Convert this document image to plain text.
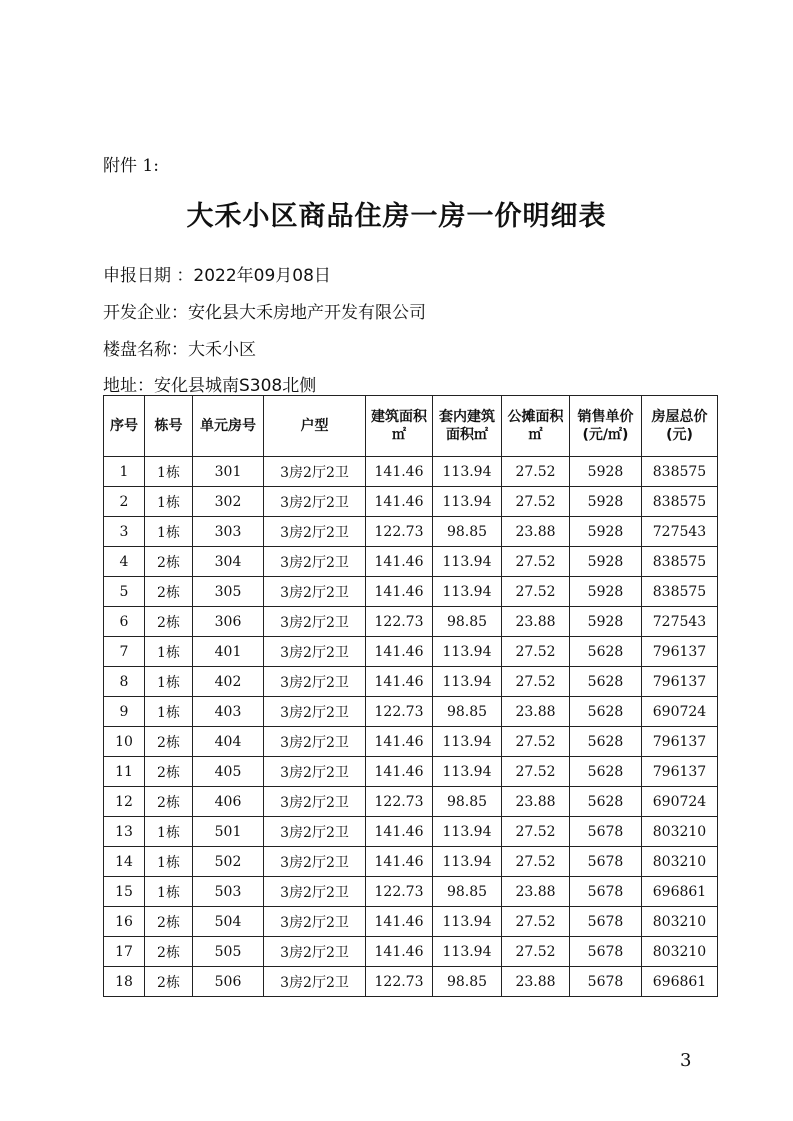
附件 1:
大禾小区商品住房一房一价明细表
申报日期 ：2022年09月08日
开发企业：安化县大禾房地产开发有限公司
楼盘名称：大禾小区
地址：安化县城南S308北侧
序号	栋号	单元房号	户型	建筑面积㎡	套内建筑面积㎡	公摊面积㎡	销售单价(元/㎡)	房屋总价(元)
1	1栋	301	3房2厅2卫	141.46	113.94	27.52	5928	838575
2	1栋	302	3房2厅2卫	141.46	113.94	27.52	5928	838575
3	1栋	303	3房2厅2卫	122.73	98.85	23.88	5928	727543
4	2栋	304	3房2厅2卫	141.46	113.94	27.52	5928	838575
5	2栋	305	3房2厅2卫	141.46	113.94	27.52	5928	838575
6	2栋	306	3房2厅2卫	122.73	98.85	23.88	5928	727543
7	1栋	401	3房2厅2卫	141.46	113.94	27.52	5628	796137
8	1栋	402	3房2厅2卫	141.46	113.94	27.52	5628	796137
9	1栋	403	3房2厅2卫	122.73	98.85	23.88	5628	690724
10	2栋	404	3房2厅2卫	141.46	113.94	27.52	5628	796137
11	2栋	405	3房2厅2卫	141.46	113.94	27.52	5628	796137
12	2栋	406	3房2厅2卫	122.73	98.85	23.88	5628	690724
13	1栋	501	3房2厅2卫	141.46	113.94	27.52	5678	803210
14	1栋	502	3房2厅2卫	141.46	113.94	27.52	5678	803210
15	1栋	503	3房2厅2卫	122.73	98.85	23.88	5678	696861
16	2栋	504	3房2厅2卫	141.46	113.94	27.52	5678	803210
17	2栋	505	3房2厅2卫	141.46	113.94	27.52	5678	803210
18	2栋	506	3房2厅2卫	122.73	98.85	23.88	5678	696861
3
